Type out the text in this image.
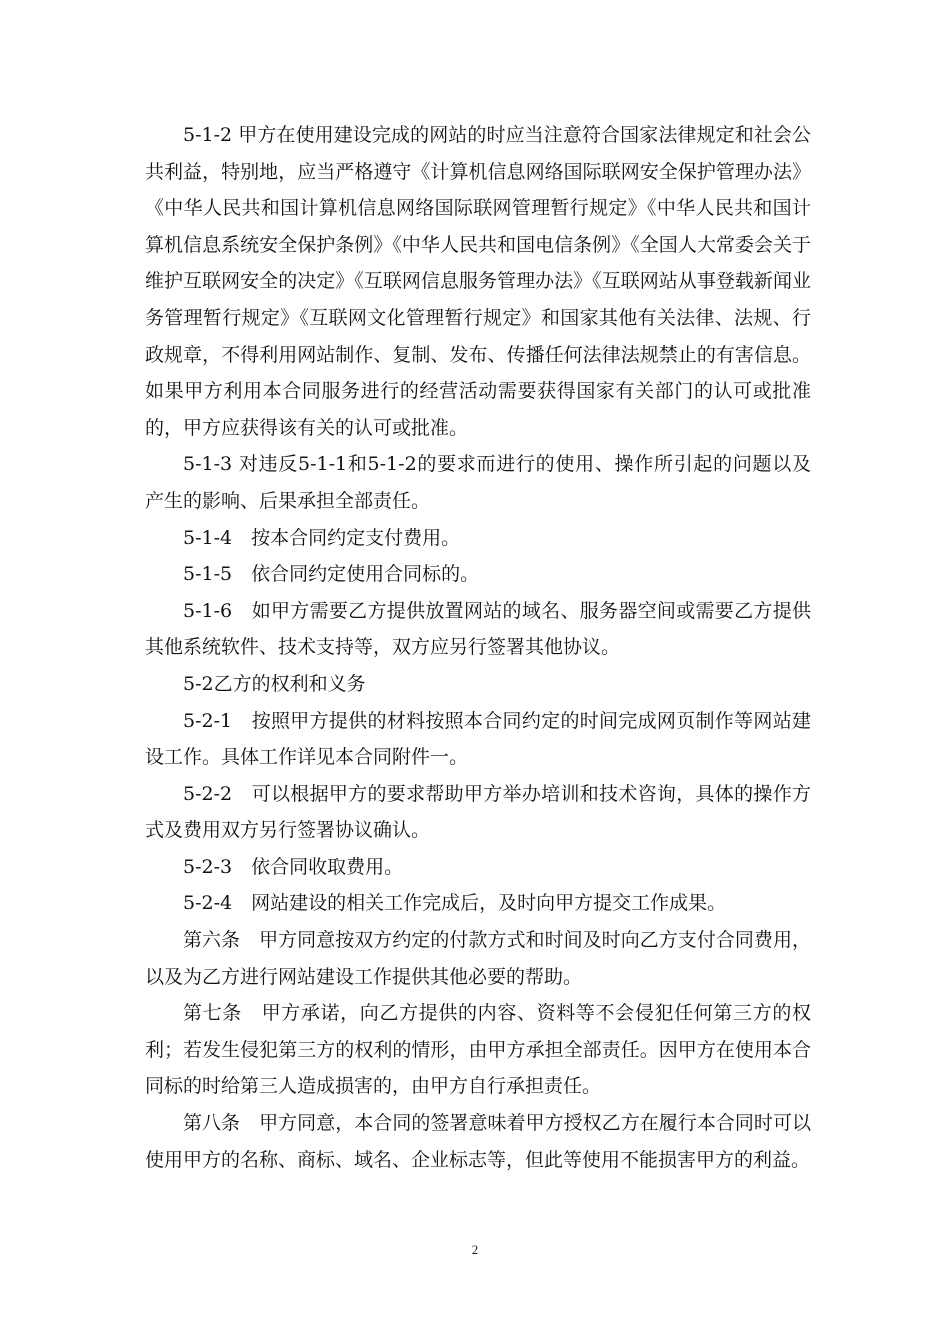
5-1-2 甲方在使用建设完成的网站的时应当注意符合国家法律规定和社会公共利益，特别地，应当严格遵守《计算机信息网络国际联网安全保护管理办法》《中华人民共和国计算机信息网络国际联网管理暂行规定》《中华人民共和国计算机信息系统安全保护条例》《中华人民共和国电信条例》《全国人大常委会关于维护互联网安全的决定》《互联网信息服务管理办法》《互联网站从事登载新闻业务管理暂行规定》《互联网文化管理暂行规定》和国家其他有关法律、法规、行政规章，不得利用网站制作、复制、发布、传播任何法律法规禁止的有害信息。如果甲方利用本合同服务进行的经营活动需要获得国家有关部门的认可或批准的，甲方应获得该有关的认可或批准。

5-1-3 对违反5-1-1和5-1-2的要求而进行的使用、操作所引起的问题以及产生的影响、后果承担全部责任。

5-1-4　按本合同约定支付费用。

5-1-5　依合同约定使用合同标的。

5-1-6　如甲方需要乙方提供放置网站的域名、服务器空间或需要乙方提供其他系统软件、技术支持等，双方应另行签署其他协议。

5-2乙方的权利和义务

5-2-1　按照甲方提供的材料按照本合同约定的时间完成网页制作等网站建设工作。具体工作详见本合同附件一。

5-2-2　可以根据甲方的要求帮助甲方举办培训和技术咨询，具体的操作方式及费用双方另行签署协议确认。

5-2-3　依合同收取费用。

5-2-4　网站建设的相关工作完成后，及时向甲方提交工作成果。

第六条　甲方同意按双方约定的付款方式和时间及时向乙方支付合同费用，以及为乙方进行网站建设工作提供其他必要的帮助。

第七条　甲方承诺，向乙方提供的内容、资料等不会侵犯任何第三方的权利；若发生侵犯第三方的权利的情形，由甲方承担全部责任。因甲方在使用本合同标的时给第三人造成损害的，由甲方自行承担责任。

第八条　甲方同意，本合同的签署意味着甲方授权乙方在履行本合同时可以使用甲方的名称、商标、域名、企业标志等，但此等使用不能损害甲方的利益。

2
